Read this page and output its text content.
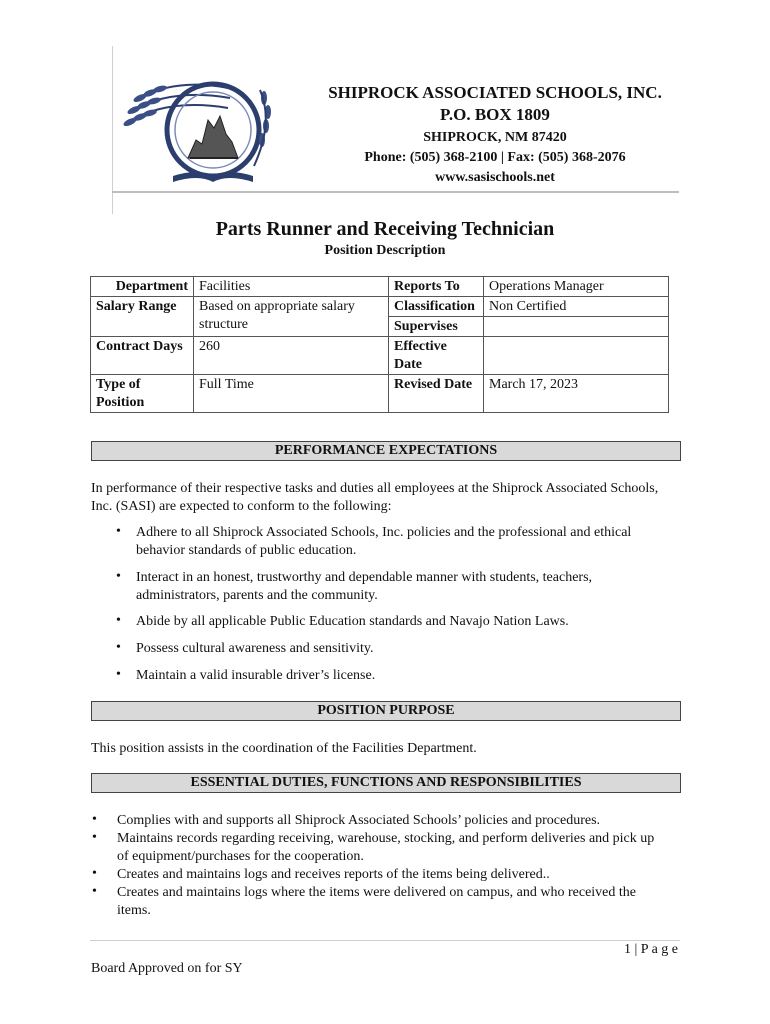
SHIPROCK ASSOCIATED SCHOOLS, INC.
P.O. BOX 1809
SHIPROCK, NM 87420
Phone: (505) 368-2100 | Fax: (505) 368-2076
www.sasischools.net
Parts Runner and Receiving Technician
Position Description
Department	Facilities	Reports To	Operations Manager
Salary Range	Based on appropriate salary structure	Classification	Non Certified
		Supervises	
Contract Days	260	Effective Date	
Type of Position	Full Time	Revised Date	March 17, 2023
PERFORMANCE EXPECTATIONS
In performance of their respective tasks and duties all employees at the Shiprock Associated Schools, Inc. (SASI) are expected to conform to the following:
• Adhere to all Shiprock Associated Schools, Inc. policies and the professional and ethical behavior standards of public education.
• Interact in an honest, trustworthy and dependable manner with students, teachers, administrators, parents and the community.
• Abide by all applicable Public Education standards and Navajo Nation Laws.
• Possess cultural awareness and sensitivity.
• Maintain a valid insurable driver’s license.
POSITION PURPOSE
This position assists in the coordination of the Facilities Department.
ESSENTIAL DUTIES, FUNCTIONS AND RESPONSIBILITIES
• Complies with and supports all Shiprock Associated Schools’ policies and procedures.
• Maintains records regarding receiving, warehouse, stocking, and perform deliveries and pick up of equipment/purchases for the cooperation.
• Creates and maintains logs and receives reports of the items being delivered..
• Creates and maintains logs where the items were delivered on campus, and who received the items.
1 | P a g e
Board Approved on for SY
